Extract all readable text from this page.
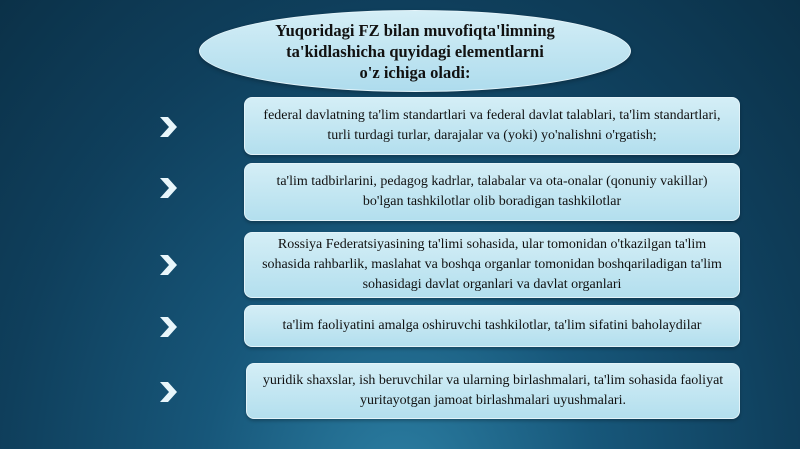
Yuqoridagi FZ bilan muvofiqta'limning
ta'kidlashicha quyidagi elementlarni
o'z ichiga oladi:
federal davlatning ta'lim standartlari va federal davlat talablari, ta'lim standartlari, turli turdagi turlar, darajalar va (yoki) yo'nalishni o'rgatish;
ta'lim tadbirlarini, pedagog kadrlar, talabalar va ota-onalar (qonuniy vakillar) bo'lgan tashkilotlar olib boradigan tashkilotlar
Rossiya Federatsiyasining ta'limi sohasida, ular tomonidan o'tkazilgan ta'lim sohasida rahbarlik, maslahat va boshqa organlar tomonidan boshqariladigan ta'lim sohasidagi davlat organlari va davlat organlari
ta'lim faoliyatini amalga oshiruvchi tashkilotlar, ta'lim sifatini baholaydilar
yuridik shaxslar, ish beruvchilar va ularning birlashmalari, ta'lim sohasida faoliyat yuritayotgan jamoat birlashmalari uyushmalari.
